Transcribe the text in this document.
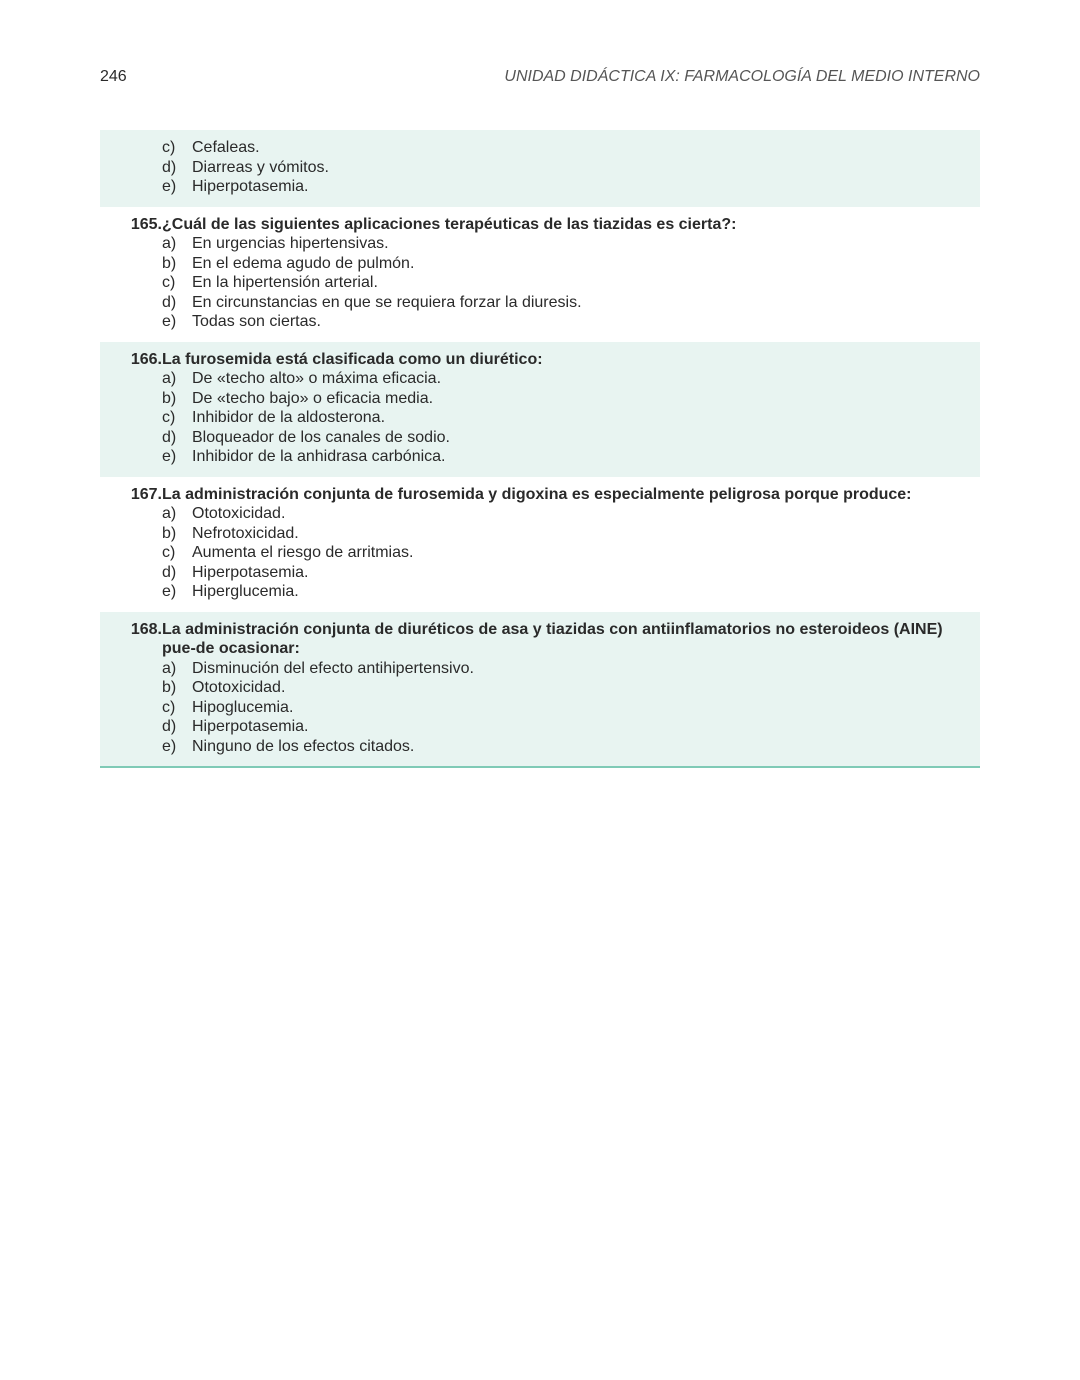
246	UNIDAD DIDÁCTICA IX: FARMACOLOGÍA DEL MEDIO INTERNO
c)	Cefaleas.
d) Diarreas y vómitos.
e) Hiperpotasemia.
165. ¿Cuál de las siguientes aplicaciones terapéuticas de las tiazidas es cierta?:
a) En urgencias hipertensivas.
b) En el edema agudo de pulmón.
c)	En la hipertensión arterial.
d) En circunstancias en que se requiera forzar la diuresis.
e) Todas son ciertas.
166. La furosemida está clasificada como un diurético:
a) De «techo alto» o máxima eficacia.
b) De «techo bajo» o eficacia media.
c)	Inhibidor de la aldosterona.
d) Bloqueador de los canales de sodio.
e) Inhibidor de la anhidrasa carbónica.
167. La administración conjunta de furosemida y digoxina es especialmente peligrosa porque produce:
a) Ototoxicidad.
b) Nefrotoxicidad.
c)	Aumenta el riesgo de arritmias.
d) Hiperpotasemia.
e) Hiperglucemia.
168. La administración conjunta de diuréticos de asa y tiazidas con antiinflamatorios no esteroideos (AINE) pue-de ocasionar:
a) Disminución del efecto antihipertensivo.
b) Ototoxicidad.
c)	Hipoglucemia.
d) Hiperpotasemia.
e) Ninguno de los efectos citados.
